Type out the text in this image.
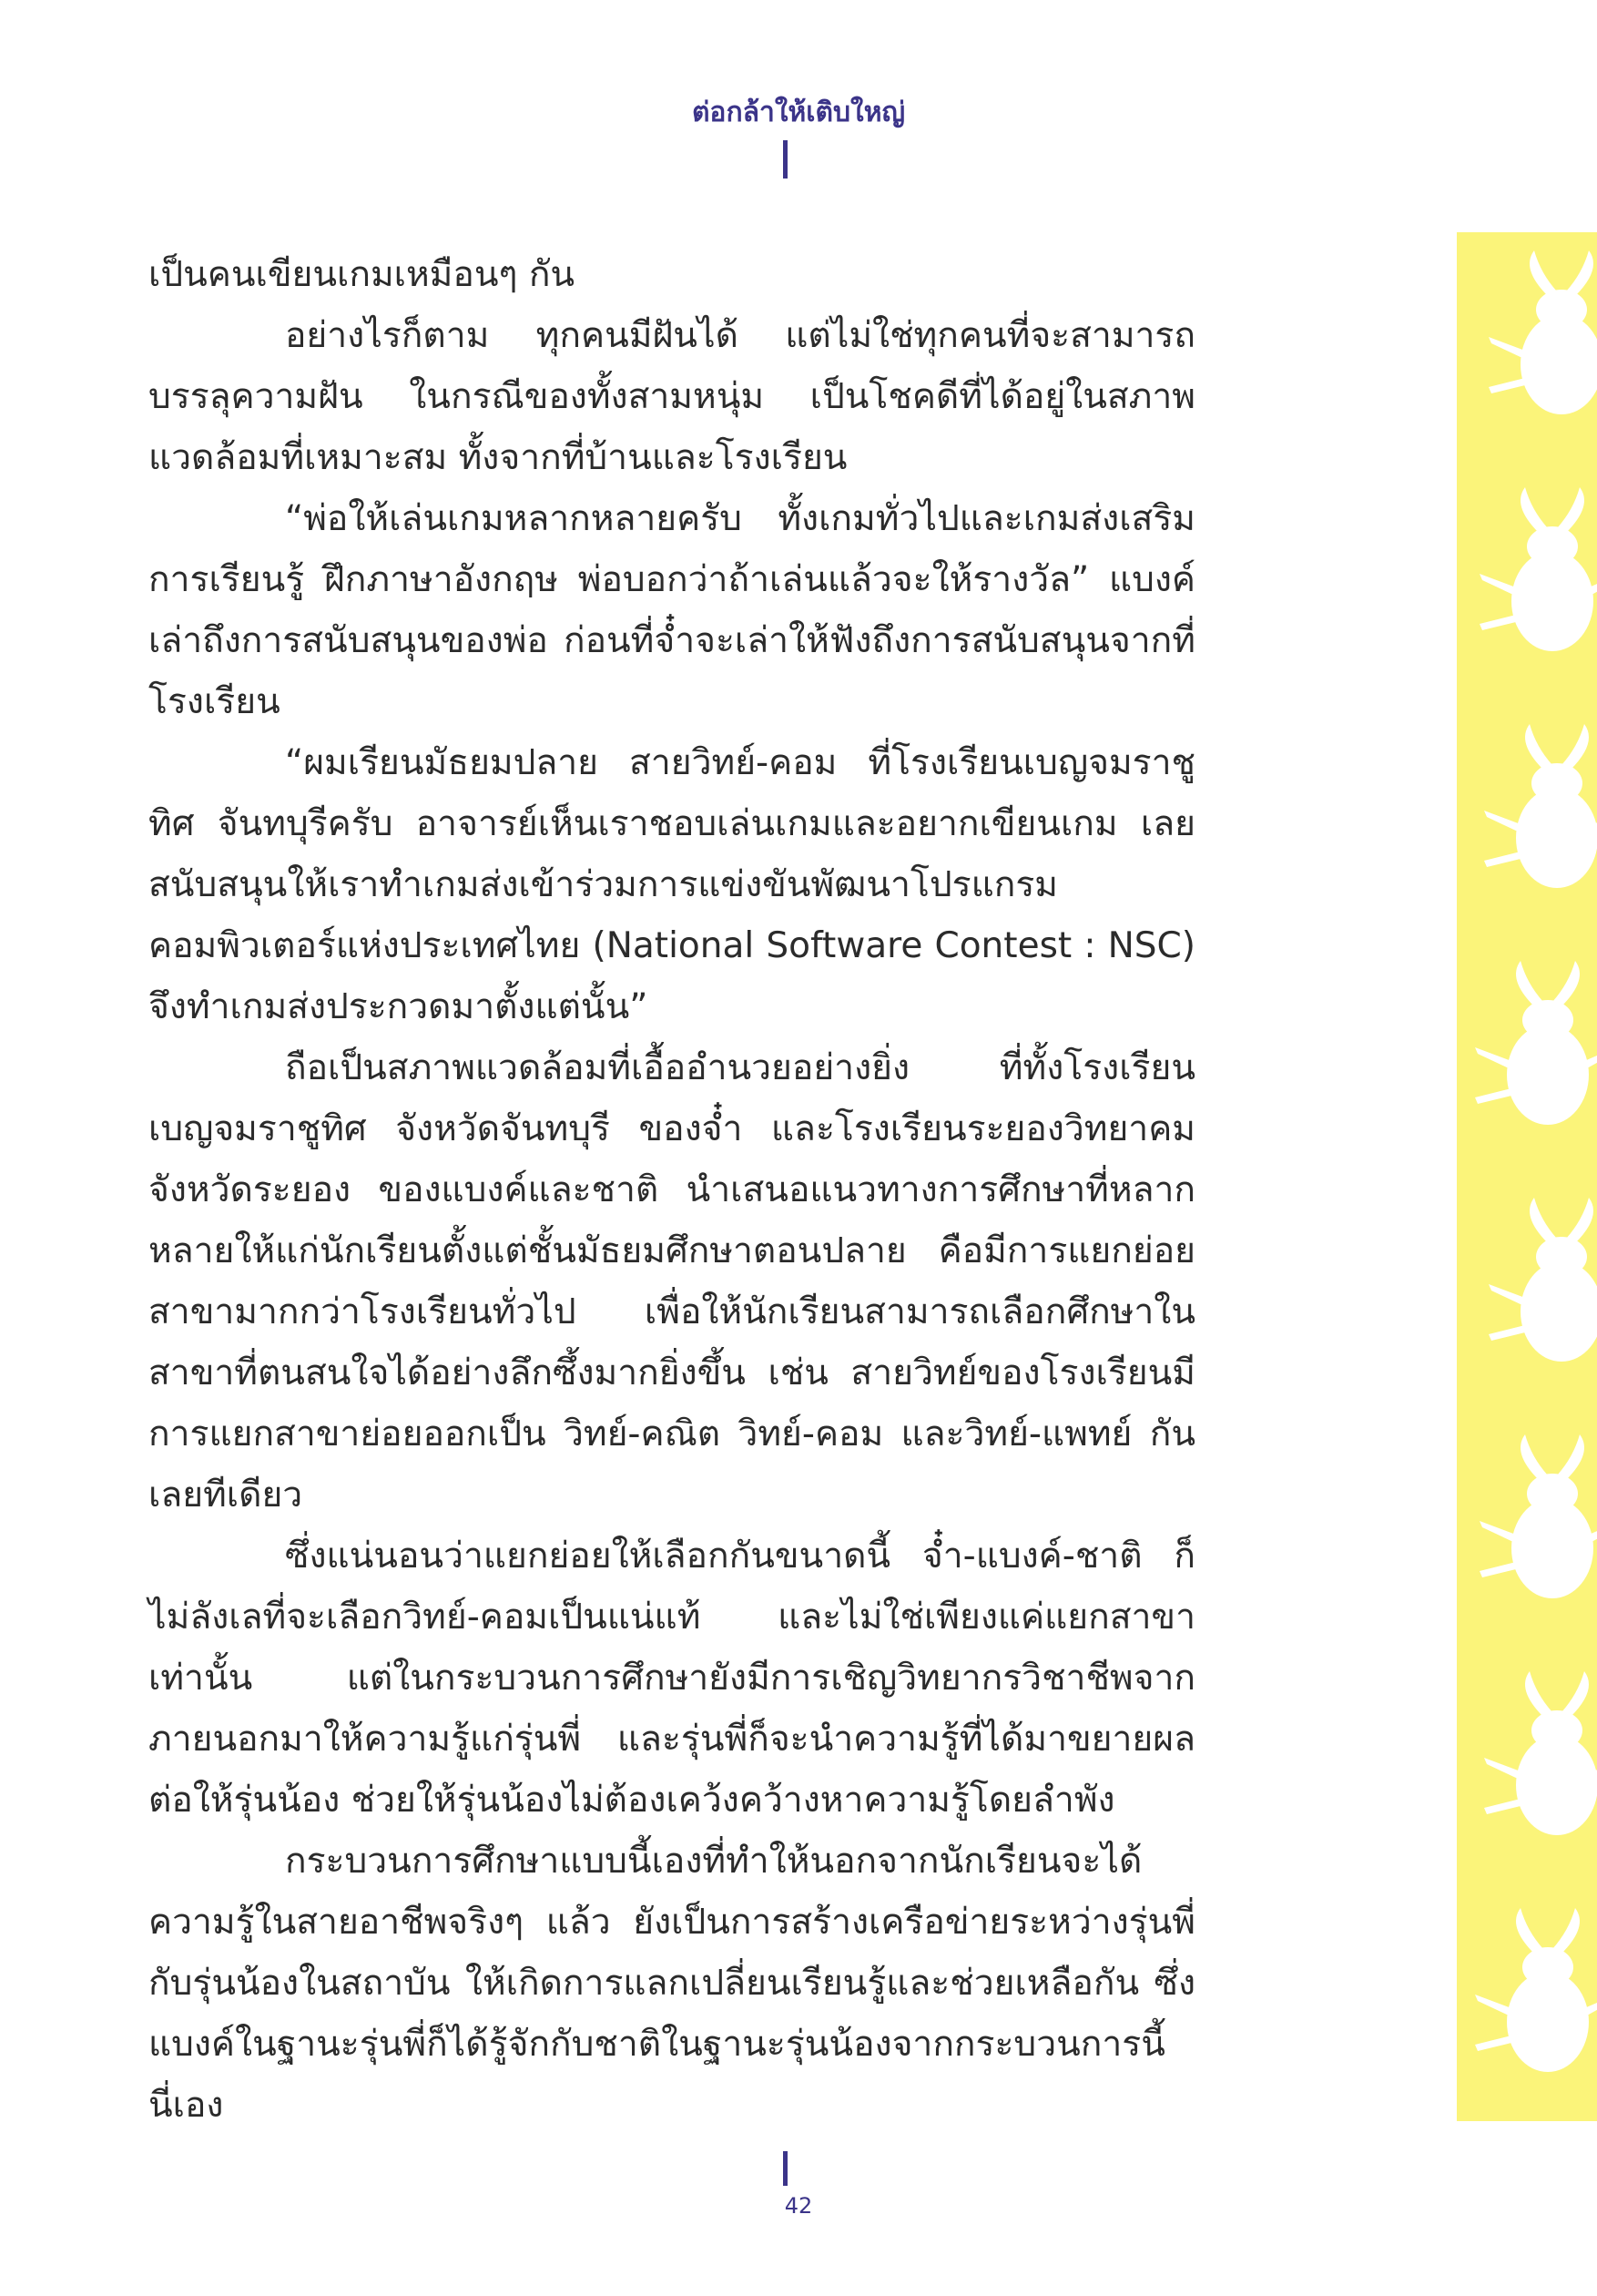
ต่อกล้าให้เติบใหญ่

เป็นคนเขียนเกมเหมือนๆ กัน

อย่างไรก็ตาม ทุกคนมีฝันได้ แต่ไม่ใช่ทุกคนที่จะสามารถบรรลุความฝัน ในกรณีของทั้งสามหนุ่ม เป็นโชคดีที่ได้อยู่ในสภาพแวดล้อมที่เหมาะสม ทั้งจากที่บ้านและโรงเรียน

“พ่อให้เล่นเกมหลากหลายครับ ทั้งเกมทั่วไปและเกมส่งเสริมการเรียนรู้ ฝึกภาษาอังกฤษ พ่อบอกว่าถ้าเล่นแล้วจะให้รางวัล” แบงค์เล่าถึงการสนับสนุนของพ่อ ก่อนที่จ๋ำจะเล่าให้ฟังถึงการสนับสนุนจากที่โรงเรียน

“ผมเรียนมัธยมปลาย สายวิทย์-คอม ที่โรงเรียนเบญจมราชูทิศ จันทบุรีครับ อาจารย์เห็นเราชอบเล่นเกมและอยากเขียนเกม เลยสนับสนุนให้เราทำเกมส่งเข้าร่วมการแข่งขันพัฒนาโปรแกรมคอมพิวเตอร์แห่งประเทศไทย (National Software Contest : NSC) จึงทำเกมส่งประกวดมาตั้งแต่นั้น”

ถือเป็นสภาพแวดล้อมที่เอื้ออำนวยอย่างยิ่ง ที่ทั้งโรงเรียนเบญจมราชูทิศ จังหวัดจันทบุรี ของจ๋ำ และโรงเรียนระยองวิทยาคม จังหวัดระยอง ของแบงค์และชาติ นำเสนอแนวทางการศึกษาที่หลากหลายให้แก่นักเรียนตั้งแต่ชั้นมัธยมศึกษาตอนปลาย คือมีการแยกย่อยสาขามากกว่าโรงเรียนทั่วไป เพื่อให้นักเรียนสามารถเลือกศึกษาในสาขาที่ตนสนใจได้อย่างลึกซึ้งมากยิ่งขึ้น เช่น สายวิทย์ของโรงเรียนมีการแยกสาขาย่อยออกเป็น วิทย์-คณิต วิทย์-คอม และวิทย์-แพทย์ กันเลยทีเดียว

ซึ่งแน่นอนว่าแยกย่อยให้เลือกกันขนาดนี้ จ๋ำ-แบงค์-ชาติ ก็ไม่ลังเลที่จะเลือกวิทย์-คอมเป็นแน่แท้ และไม่ใช่เพียงแค่แยกสาขาเท่านั้น แต่ในกระบวนการศึกษายังมีการเชิญวิทยากรวิชาชีพจากภายนอกมาให้ความรู้แก่รุ่นพี่ และรุ่นพี่ก็จะนำความรู้ที่ได้มาขยายผลต่อให้รุ่นน้อง ช่วยให้รุ่นน้องไม่ต้องเคว้งคว้างหาความรู้โดยลำพัง

กระบวนการศึกษาแบบนี้เองที่ทำให้นอกจากนักเรียนจะได้ความรู้ในสายอาชีพจริงๆ แล้ว ยังเป็นการสร้างเครือข่ายระหว่างรุ่นพี่กับรุ่นน้องในสถาบัน ให้เกิดการแลกเปลี่ยนเรียนรู้และช่วยเหลือกัน ซึ่งแบงค์ในฐานะรุ่นพี่ก็ได้รู้จักกับชาติในฐานะรุ่นน้องจากกระบวนการนี้นี่เอง

42
